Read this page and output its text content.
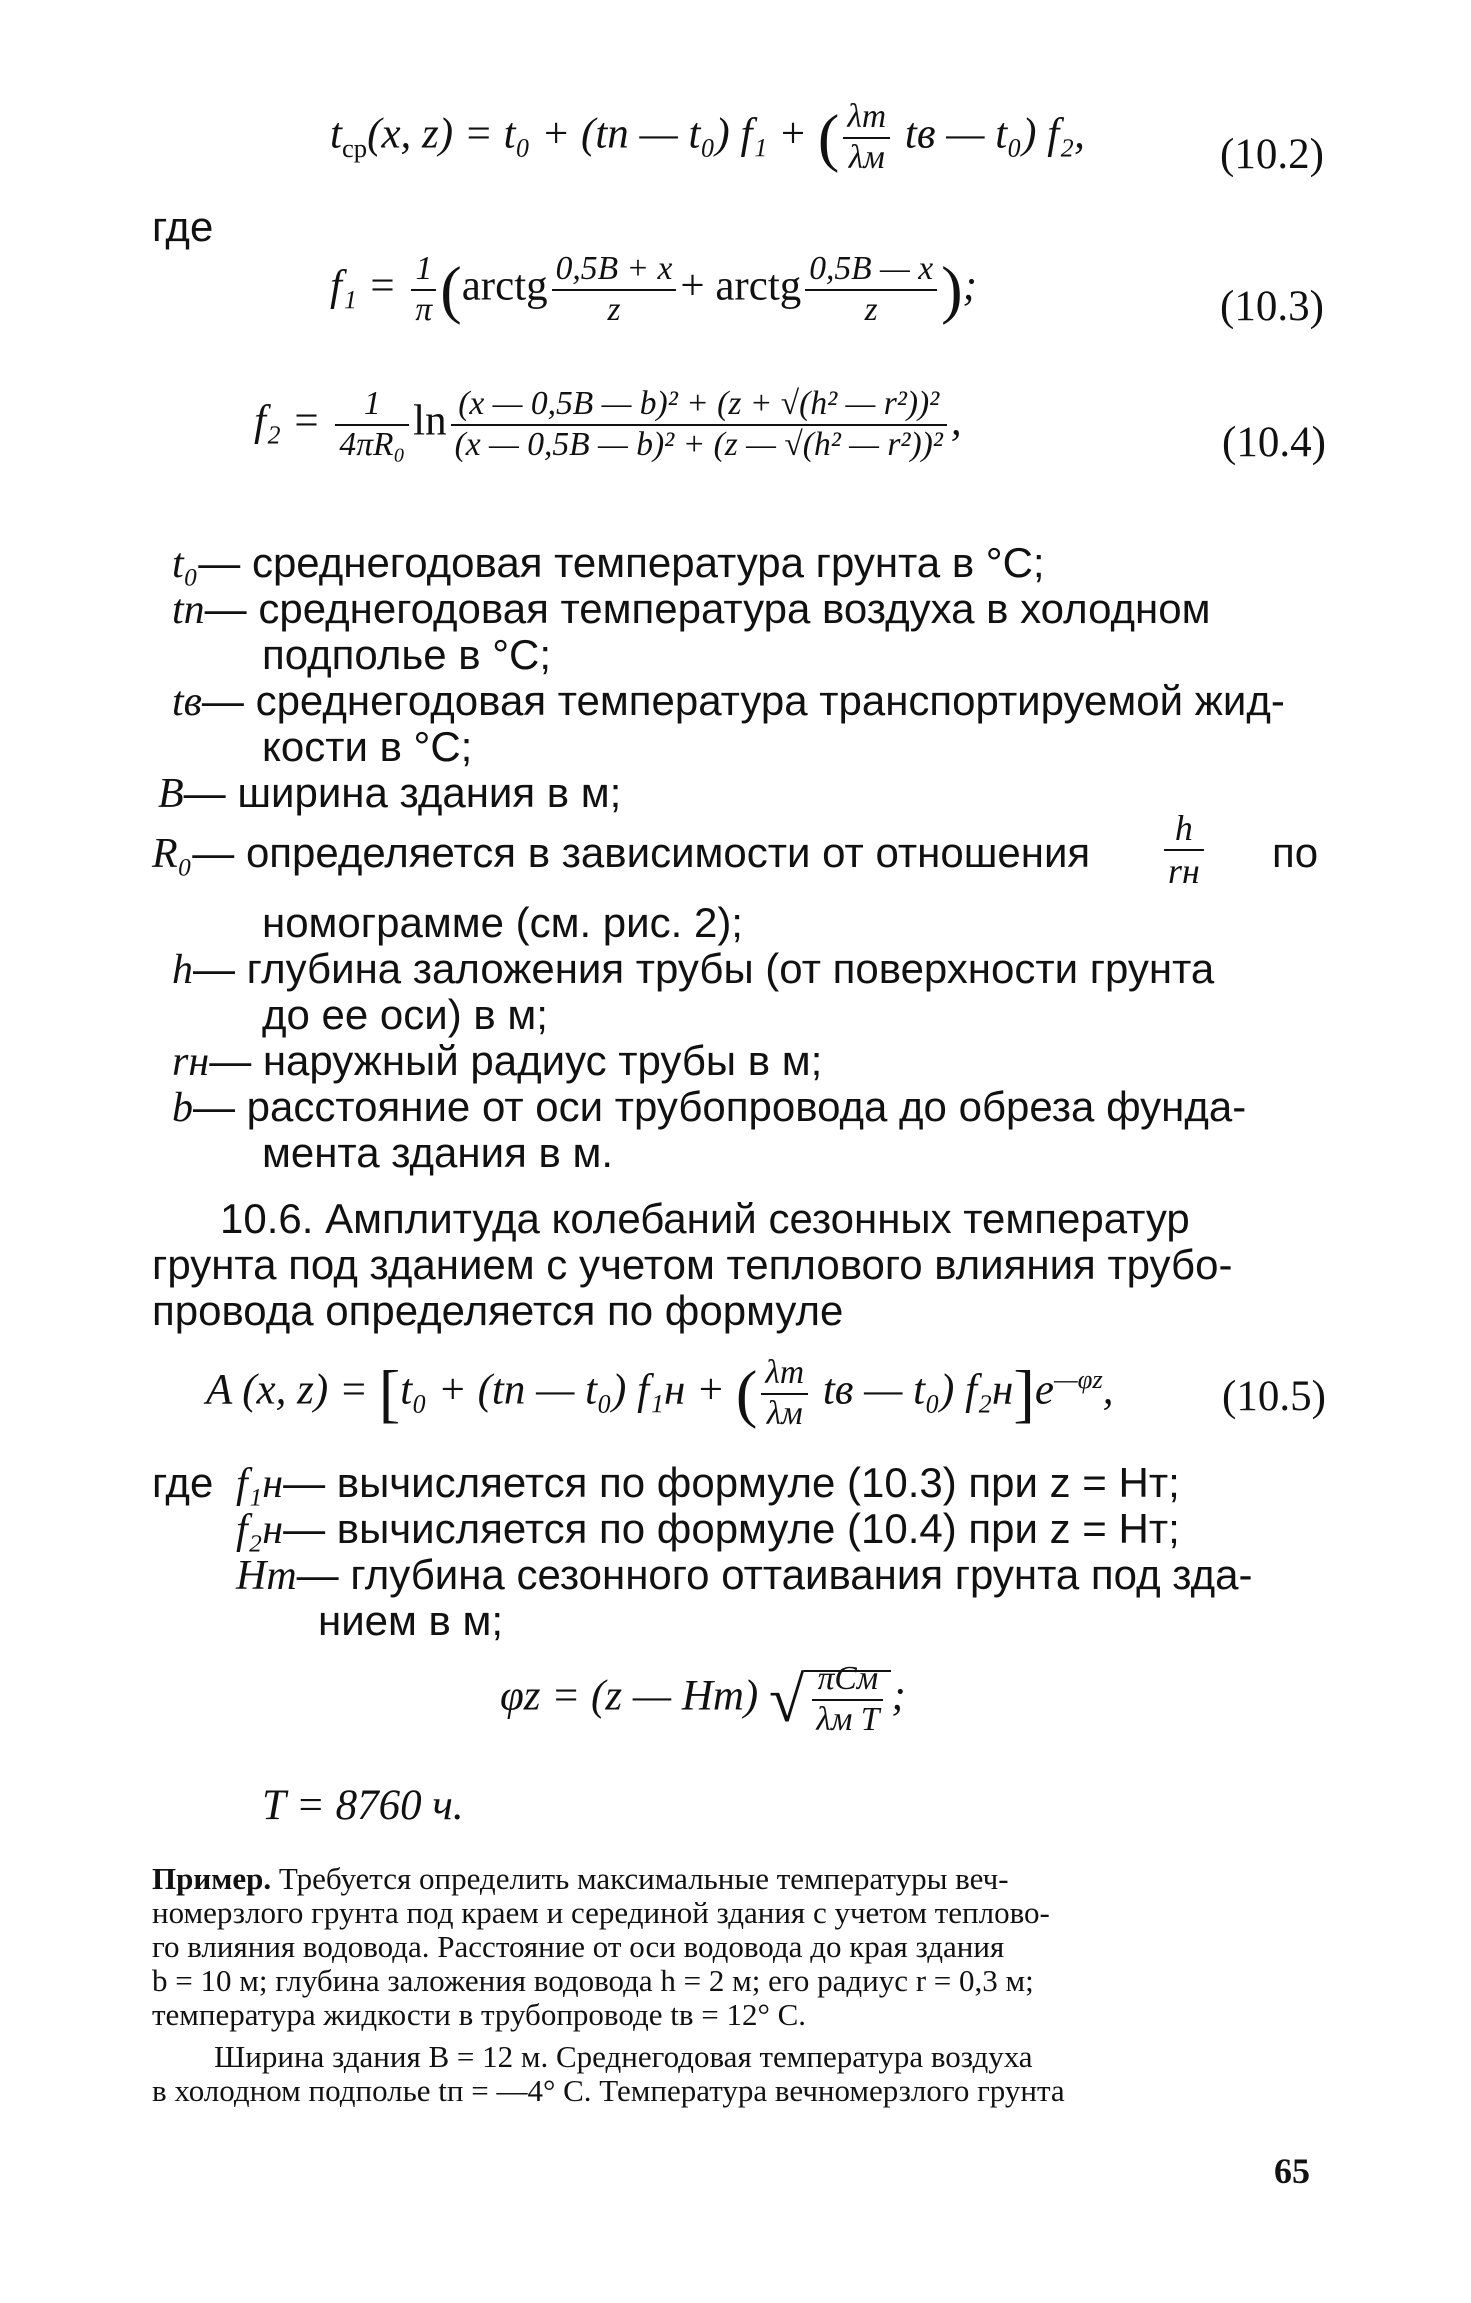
$t_{ср}(x$, z) = t₀ + (tп — t₀) f₁ + ( $\frac{\lambda т}{\lambda м}$ tв — t₀) f₂,	(10.2)
где
$f_1 = \frac{1}{\pi}$ (arctg $\frac{0,5B + x}{z}$ + arctg $\frac{0,5B — x}{z}$ );	(10.3)
$f_2 = \frac{1}{\text{4πR₀}}$ $\ln \frac{\text{(x — 0,5B — b)² + (z + √(h² — r²))²}}{\text{(x — 0,5B — b)² + (z — √(h² — r²))²}}$ ,	(10.4)
t₀— среднегодовая температура грунта в °С;
tп— среднегодовая температура воздуха в холодном
подполье в °С;
tв— среднегодовая температура транспортируемой жид-
кости в °С;
B— ширина здания в м;
R₀— определяется в зависимости от отношения $\frac{h}{rн}$ по
номограмме (см. рис. 2);
h— глубина заложения трубы (от поверхности грунта
до ее оси) в м;
rн— наружный радиус трубы в м;
b— расстояние от оси трубопровода до обреза фунда-
мента здания в м.
10.6. Амплитуда колебаний сезонных температур
грунта под зданием с учетом теплового влияния трубо-
провода определяется по формуле
A (x, z) = [t₀ + (tп — t₀) f₁н + ( $\frac{\lambda т}{\lambda м}$ tв — t₀) $f_2н]e^{—\varphi z}$,	(10.5)
где f₁н— вычисляется по формуле (10.3) при z = Hт;
f₂н— вычисляется по формуле (10.4) при z = Hт;
Hт— глубина сезонного оттаивания грунта под зда-
нием в м;
φz = (z — Hт) √ $\frac{\text{πCм}}{\text{λм T}}$ ;
T = 8760 ч.
Пример. Требуется определить максимальные температуры веч-
номерзлого грунта под краем и серединой здания с учетом теплово-
го влияния водовода. Расстояние от оси водовода до края здания
b = 10 м; глубина заложения водовода h = 2 м; его радиус r = 0,3 м;
температура жидкости в трубопроводе tв = 12° С.
Ширина здания B = 12 м. Среднегодовая температура воздуха
в холодном подполье tп = —4° С. Температура вечномерзлого грунта
65
